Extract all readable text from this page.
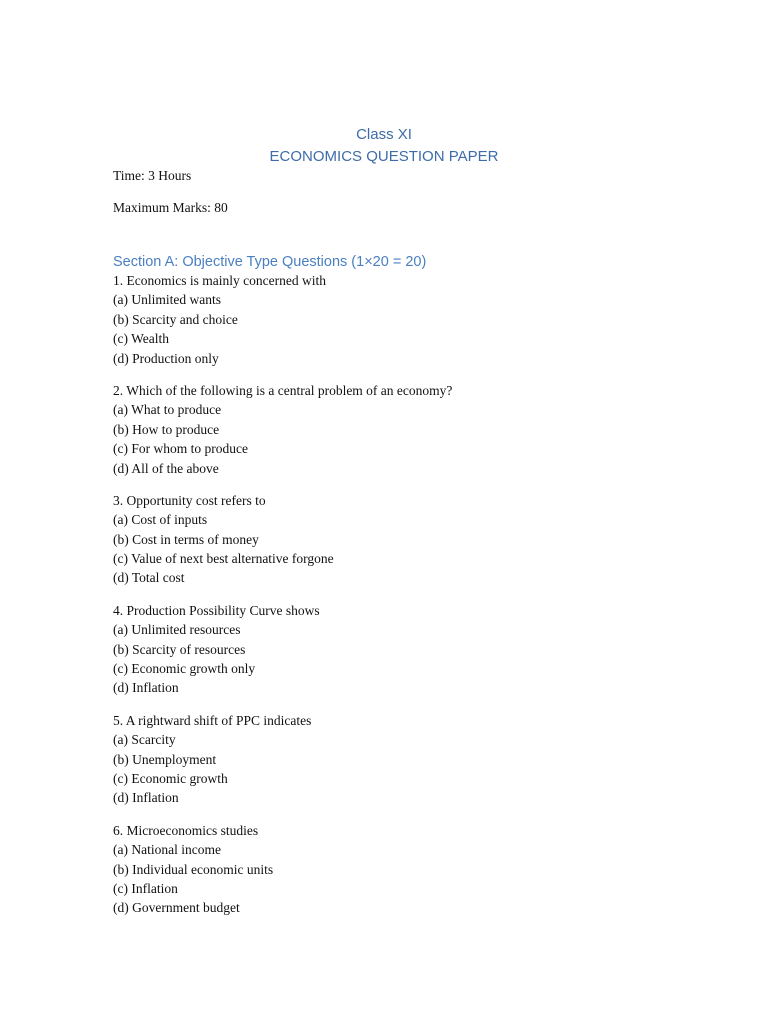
Class XI
ECONOMICS QUESTION PAPER
Time: 3 Hours
Maximum Marks: 80
Section A: Objective Type Questions (1×20 = 20)
1. Economics is mainly concerned with
(a) Unlimited wants
(b) Scarcity and choice
(c) Wealth
(d) Production only
2. Which of the following is a central problem of an economy?
(a) What to produce
(b) How to produce
(c) For whom to produce
(d) All of the above
3. Opportunity cost refers to
(a) Cost of inputs
(b) Cost in terms of money
(c) Value of next best alternative forgone
(d) Total cost
4. Production Possibility Curve shows
(a) Unlimited resources
(b) Scarcity of resources
(c) Economic growth only
(d) Inflation
5. A rightward shift of PPC indicates
(a) Scarcity
(b) Unemployment
(c) Economic growth
(d) Inflation
6. Microeconomics studies
(a) National income
(b) Individual economic units
(c) Inflation
(d) Government budget
